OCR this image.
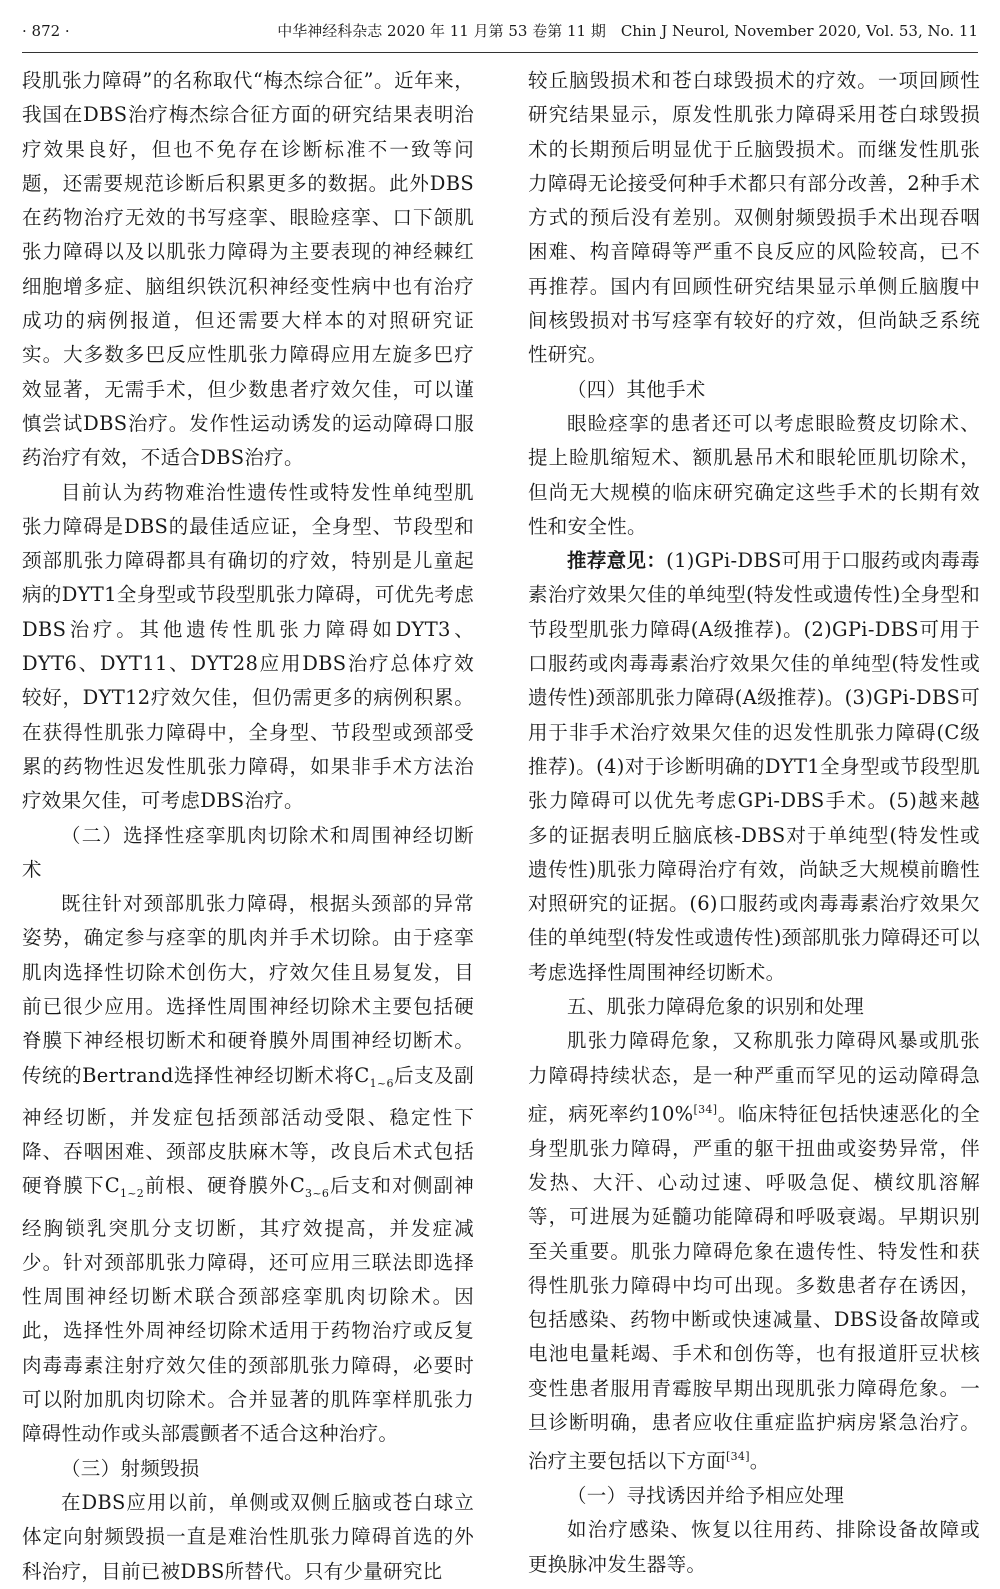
· 872 ·	中华神经科杂志 2020 年 11 月第 53 卷第 11 期　Chin J Neurol, November 2020, Vol. 53, No. 11

段肌张力障碍”的名称取代“梅杰综合征”。近年来，我国在DBS治疗梅杰综合征方面的研究结果表明治疗效果良好，但也不免存在诊断标准不一致等问题，还需要规范诊断后积累更多的数据。此外DBS在药物治疗无效的书写痉挛、眼睑痉挛、口下颌肌张力障碍以及以肌张力障碍为主要表现的神经棘红细胞增多症、脑组织铁沉积神经变性病中也有治疗成功的病例报道，但还需要大样本的对照研究证实。大多数多巴反应性肌张力障碍应用左旋多巴疗效显著，无需手术，但少数患者疗效欠佳，可以谨慎尝试DBS治疗。发作性运动诱发的运动障碍口服药治疗有效，不适合DBS治疗。

目前认为药物难治性遗传性或特发性单纯型肌张力障碍是DBS的最佳适应证，全身型、节段型和颈部肌张力障碍都具有确切的疗效，特别是儿童起病的DYT1全身型或节段型肌张力障碍，可优先考虑DBS治疗。其他遗传性肌张力障碍如DYT3、DYT6、DYT11、DYT28应用DBS治疗总体疗效较好，DYT12疗效欠佳，但仍需更多的病例积累。在获得性肌张力障碍中，全身型、节段型或颈部受累的药物性迟发性肌张力障碍，如果非手术方法治疗效果欠佳，可考虑DBS治疗。

（二）选择性痉挛肌肉切除术和周围神经切断术

既往针对颈部肌张力障碍，根据头颈部的异常姿势，确定参与痉挛的肌肉并手术切除。由于痉挛肌肉选择性切除术创伤大，疗效欠佳且易复发，目前已很少应用。选择性周围神经切除术主要包括硬脊膜下神经根切断术和硬脊膜外周围神经切断术。传统的Bertrand选择性神经切断术将$C_{1\sim 6}$后支及副神经切断，并发症包括颈部活动受限、稳定性下降、吞咽困难、颈部皮肤麻木等，改良后术式包括硬脊膜下$C_{1\sim 2}$前根、硬脊膜外$C_{3\sim 6}$后支和对侧副神经胸锁乳突肌分支切断，其疗效提高，并发症减少。针对颈部肌张力障碍，还可应用三联法即选择性周围神经切断术联合颈部痉挛肌肉切除术。因此，选择性外周神经切除术适用于药物治疗或反复肉毒毒素注射疗效欠佳的颈部肌张力障碍，必要时可以附加肌肉切除术。合并显著的肌阵挛样肌张力障碍性动作或头部震颤者不适合这种治疗。

（三）射频毁损

在DBS应用以前，单侧或双侧丘脑或苍白球立体定向射频毁损一直是难治性肌张力障碍首选的外科治疗，目前已被DBS所替代。只有少量研究比

较丘脑毁损术和苍白球毁损术的疗效。一项回顾性研究结果显示，原发性肌张力障碍采用苍白球毁损术的长期预后明显优于丘脑毁损术。而继发性肌张力障碍无论接受何种手术都只有部分改善，2种手术方式的预后没有差别。双侧射频毁损手术出现吞咽困难、构音障碍等严重不良反应的风险较高，已不再推荐。国内有回顾性研究结果显示单侧丘脑腹中间核毁损对书写痉挛有较好的疗效，但尚缺乏系统性研究。

（四）其他手术

眼睑痉挛的患者还可以考虑眼睑赘皮切除术、提上睑肌缩短术、额肌悬吊术和眼轮匝肌切除术，但尚无大规模的临床研究确定这些手术的长期有效性和安全性。

推荐意见：(1)GPi-DBS可用于口服药或肉毒毒素治疗效果欠佳的单纯型(特发性或遗传性)全身型和节段型肌张力障碍(A级推荐)。(2)GPi-DBS可用于口服药或肉毒毒素治疗效果欠佳的单纯型(特发性或遗传性)颈部肌张力障碍(A级推荐)。(3)GPi-DBS可用于非手术治疗效果欠佳的迟发性肌张力障碍(C级推荐)。(4)对于诊断明确的DYT1全身型或节段型肌张力障碍可以优先考虑GPi-DBS手术。(5)越来越多的证据表明丘脑底核-DBS对于单纯型(特发性或遗传性)肌张力障碍治疗有效，尚缺乏大规模前瞻性对照研究的证据。(6)口服药或肉毒毒素治疗效果欠佳的单纯型(特发性或遗传性)颈部肌张力障碍还可以考虑选择性周围神经切断术。

五、肌张力障碍危象的识别和处理

肌张力障碍危象，又称肌张力障碍风暴或肌张力障碍持续状态，是一种严重而罕见的运动障碍急症，病死率约10%[34]。临床特征包括快速恶化的全身型肌张力障碍，严重的躯干扭曲或姿势异常，伴发热、大汗、心动过速、呼吸急促、横纹肌溶解等，可进展为延髓功能障碍和呼吸衰竭。早期识别至关重要。肌张力障碍危象在遗传性、特发性和获得性肌张力障碍中均可出现。多数患者存在诱因，包括感染、药物中断或快速减量、DBS设备故障或电池电量耗竭、手术和创伤等，也有报道肝豆状核变性患者服用青霉胺早期出现肌张力障碍危象。一旦诊断明确，患者应收住重症监护病房紧急治疗。治疗主要包括以下方面[34]。

（一）寻找诱因并给予相应处理

如治疗感染、恢复以往用药、排除设备故障或更换脉冲发生器等。
